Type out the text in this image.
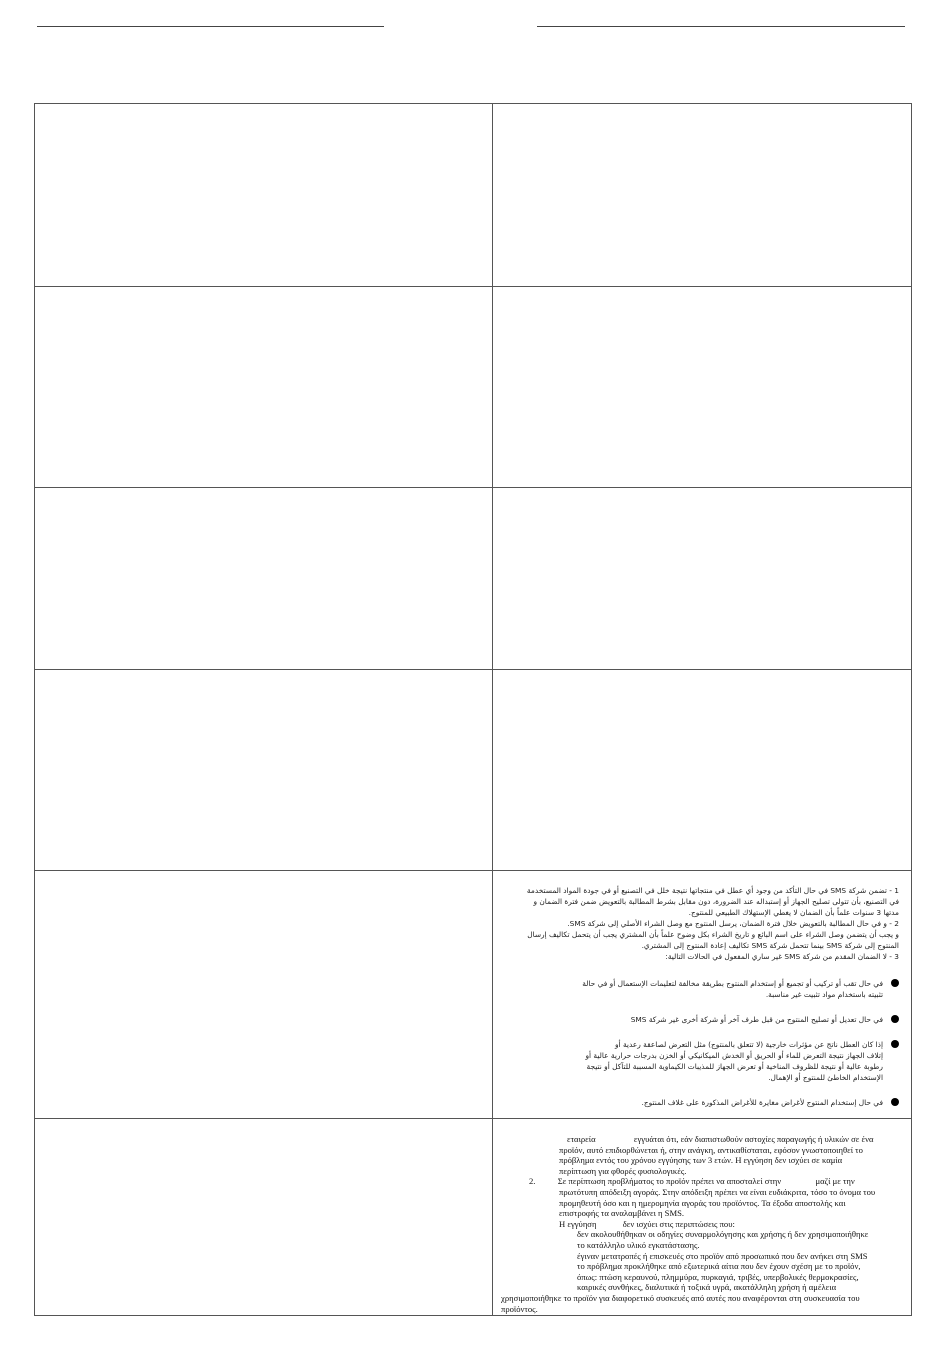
1 - تضمن شركة SMS في حال التأكد من وجود أي عطل في منتجاتها نتيجة خلل في التصنيع أو في جودة المواد المستخدمة

في التصنيع، بأن تتولى تصليح الجهاز أو إستبداله عند الضرورة، دون مقابل بشرط المطالبة بالتعويض ضمن فترة الضمان و

مدتها 3 سنوات علماً بأن الضمان لا يغطي الإستهلاك الطبيعي للمنتوج.

2 - و في حال المطالبة بالتعويض خلال فترة الضمان، يرسل المنتوج مع وصل الشراء الأصلي إلى شركة SMS.

و يجب أن يتضمن وصل الشراء على اسم البائع و تاريخ الشراء بكل وضوح علماً بأن المشتري يجب أن يتحمل تكاليف إرسال

المنتوج إلى شركة SMS بينما تتحمل شركة SMS تكاليف إعادة المنتوج إلى المشتري.

3 - لا الضمان المقدم من شركة SMS غير ساري المفعول في الحالات التالية:

في حال تقب أو تركيب أو تجميع أو إستخدام المنتوج بطريقة مخالفة لتعليمات الإستعمال أو في حالة

تثبيته باستخدام مواد تثبيت غير مناسبة.

في حال تعديل أو تصليح المنتوج من قبل طرف آخر أو شركة أخرى غير شركة SMS

إذا كان العطل ناتج عن مؤثرات خارجية (لا تتعلق بالمنتوج) مثل التعرض لصاعقة رعدية أو

إتلاف الجهاز نتيجة التعرض للماء أو الحريق أو الخدش الميكانيكي أو الخزن بدرجات حرارية عالية أو

رطوبة عالية أو نتيجة للظروف المناخية أو تعرض الجهاز للمذيبات الكيماوية المسببة للتآكل أو نتيجة

الإستخدام الخاطئ للمنتوج أو الإهمال.

في حال إستخدام المنتوج لأغراض مغايرة للأغراض المذكورة على غلاف المنتوج.

εταιρεία	εγγυάται ότι, εάν διαπιστωθούν αστοχίες παραγωγής ή υλικών σε ένα

προϊόν, αυτό επιδιορθώνεται ή, στην ανάγκη, αντικαθίσταται, εφόσον γνωστοποιηθεί το

πρόβλημα εντός του χρόνου εγγύησης των 3 ετών. Η εγγύηση δεν ισχύει σε καμία

περίπτωση για φθορές φυσιολογικές.

2.	Σε περίπτωση προβλήματος το προϊόν πρέπει να αποσταλεί στην	μαζί με την

πρωτότυπη απόδειξη αγοράς. Στην απόδειξη πρέπει να είναι ευδιάκριτα, τόσο το όνομα του

προμηθευτή όσο και η ημερομηνία αγοράς του προϊόντος. Τα έξοδα αποστολής και

επιστροφής τα αναλαμβάνει η SMS.

Η εγγύηση	δεν ισχύει στις περιπτώσεις που:

δεν ακολουθήθηκαν οι οδηγίες συναρμολόγησης και χρήσης ή δεν χρησιμοποιήθηκε

το κατάλληλο υλικό εγκατάστασης.

έγιναν μετατροπές ή επισκευές στο προϊόν από προσωπικό που δεν ανήκει στη SMS

το πρόβλημα προκλήθηκε από εξωτερικά αίτια που δεν έχουν σχέση με το προϊόν,

όπως: πτώση κεραυνού, πλημμύρα, πυρκαγιά, τριβές, υπερβολικές θερμοκρασίες,

καιρικές συνθήκες, διαλυτικά ή τοξικά υγρά, ακατάλληλη χρήση ή αμέλεια

χρησιμοποιήθηκε το προϊόν για διαφορετικό συσκευές από αυτές που αναφέρονται στη συσκευασία του

προϊόντος.
